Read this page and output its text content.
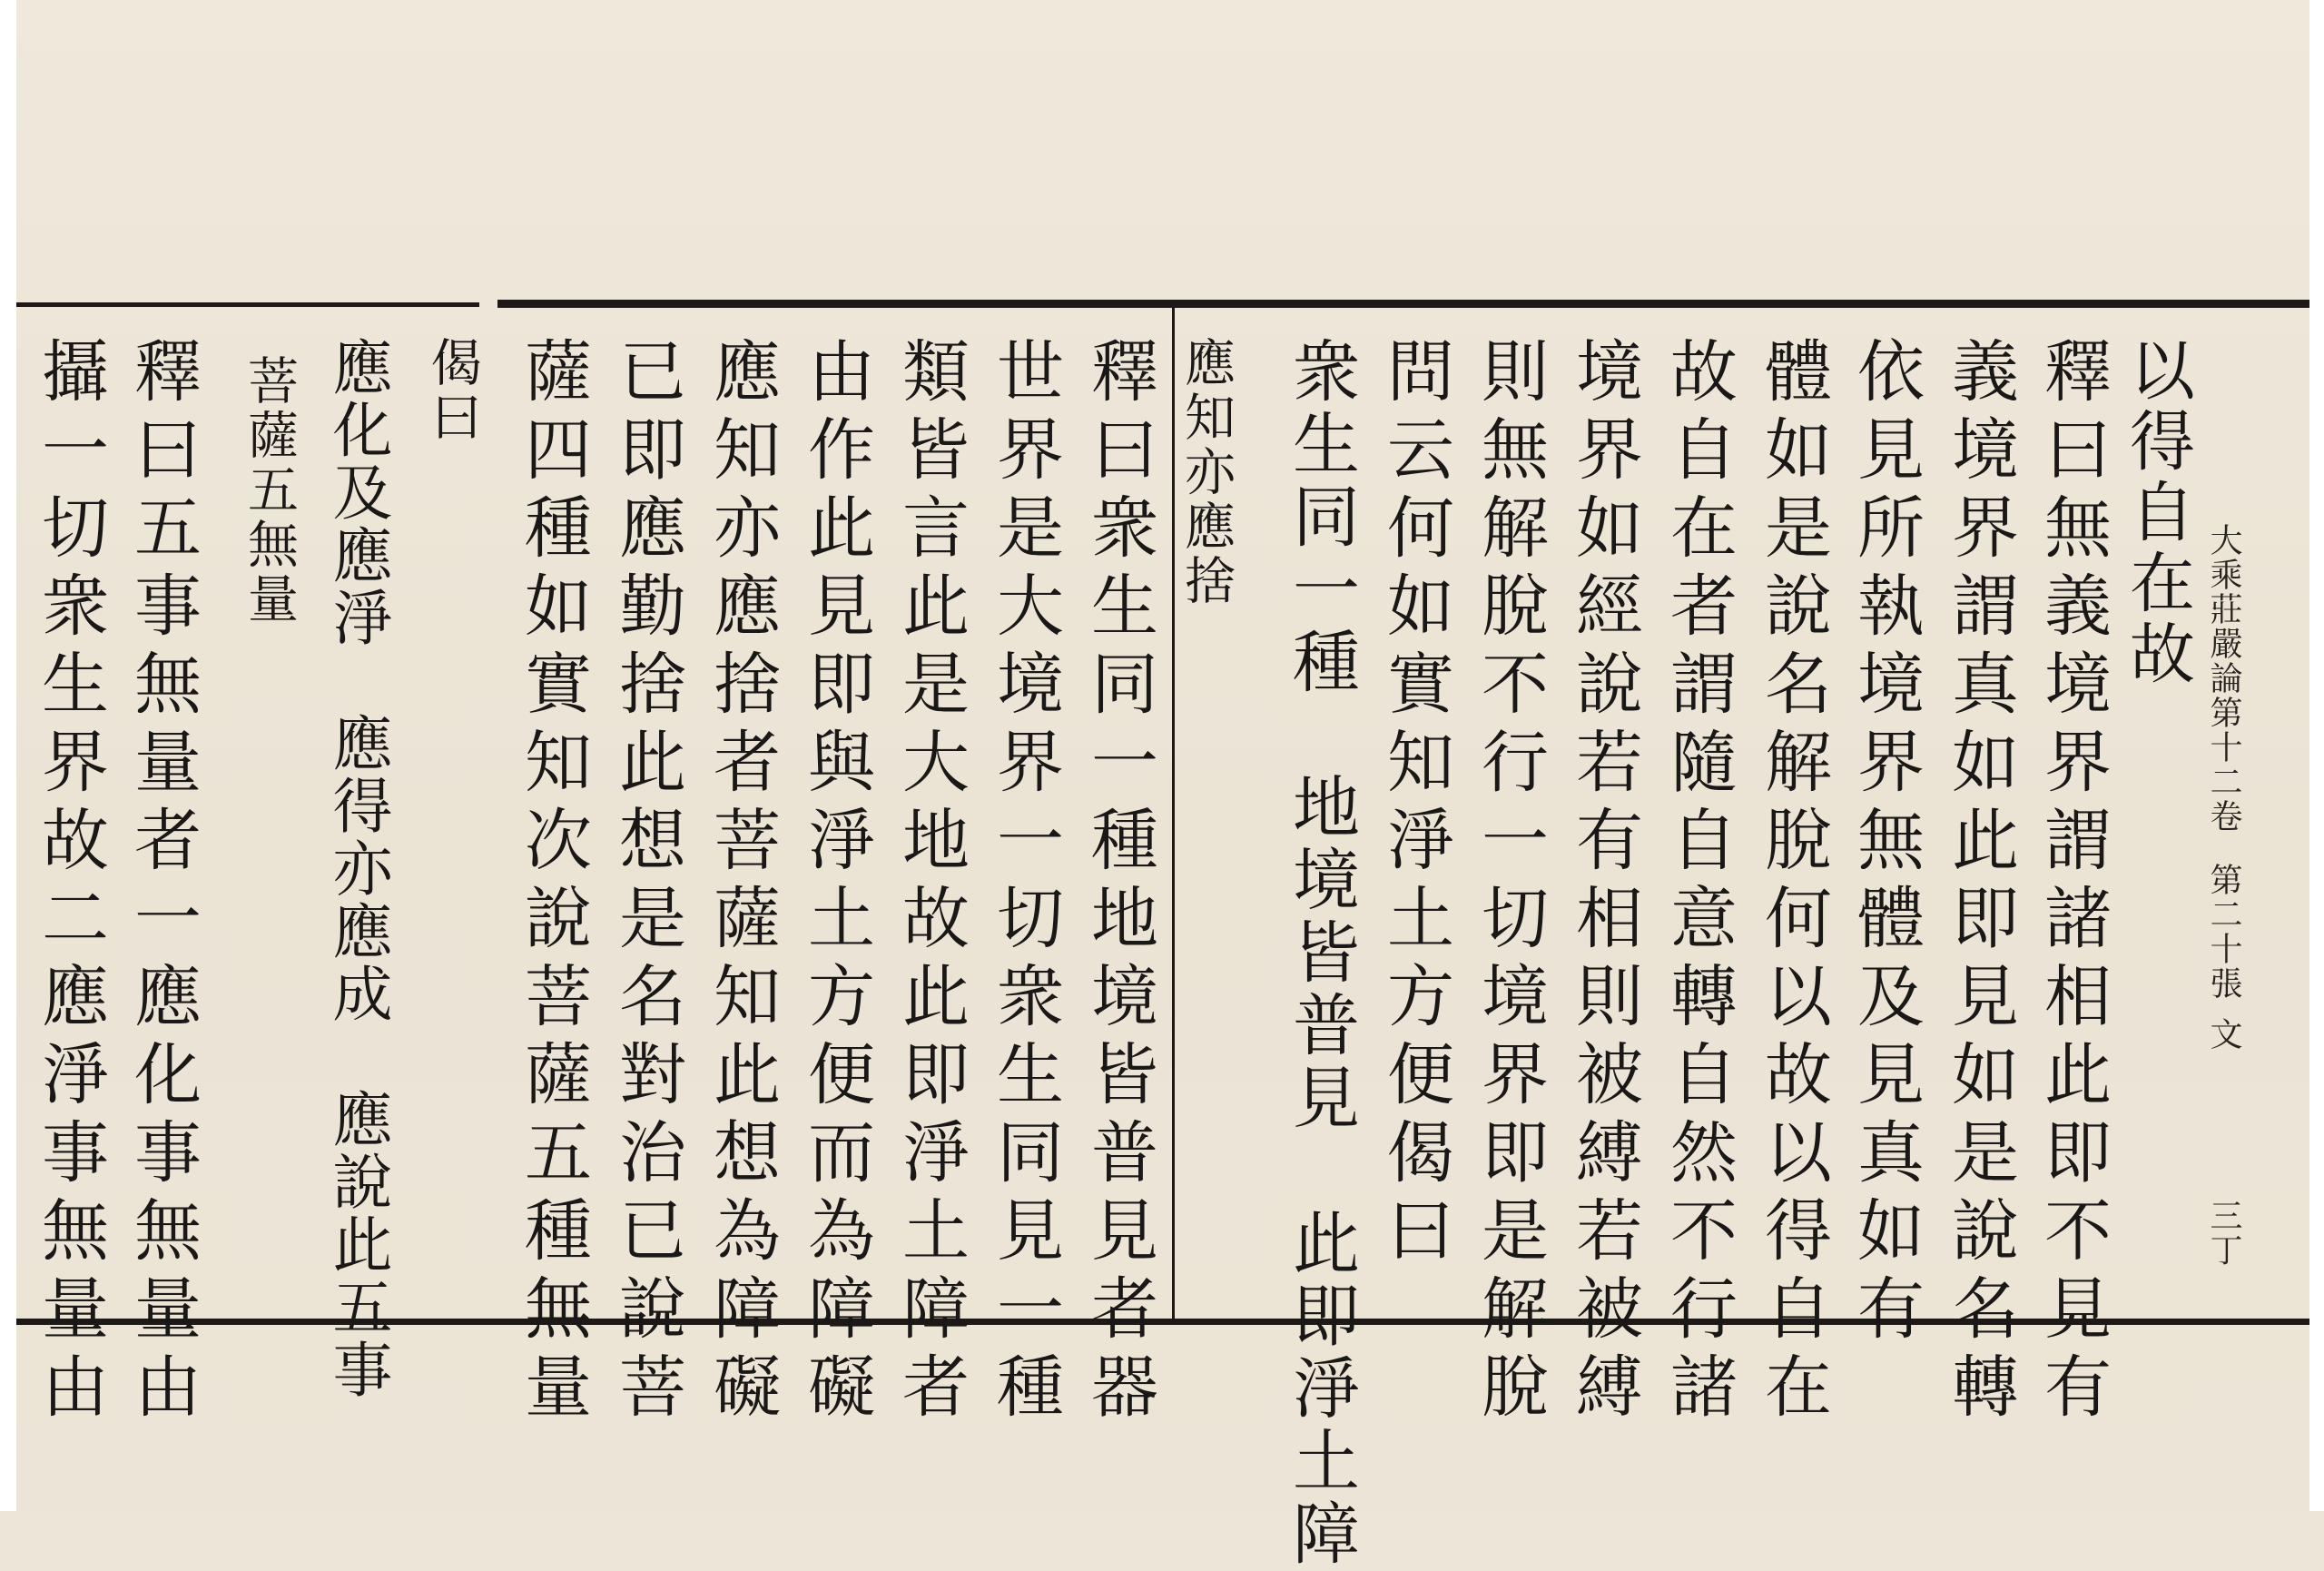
大乘莊嚴論第十二卷
第二十張
文
三丁
以得自在故
釋曰無義境界謂諸相此即不見有
義境界謂真如此即見如是說名轉
依見所執境界無體及見真如有
體如是說名解脫何以故以得自在
故自在者謂隨自意轉自然不行諸
境界如經說若有相則被縛若被縛
則無解脫不行一切境界即是解脫
問云何如實知淨土方便偈曰
衆生同一種　地境皆普見　此即淨土障
應知亦應捨
釋曰衆生同一種地境皆普見者器
世界是大境界一切衆生同見一種
類皆言此是大地故此即淨土障者
由作此見即與淨土方便而為障礙
應知亦應捨者菩薩知此想為障礙
已即應勤捨此想是名對治已說菩
薩四種如實知次說菩薩五種無量
偈曰
應化及應淨　應得亦應成　應說此五事
菩薩五無量
釋曰五事無量者一應化事無量由
攝一切衆生界故二應淨事無量由
